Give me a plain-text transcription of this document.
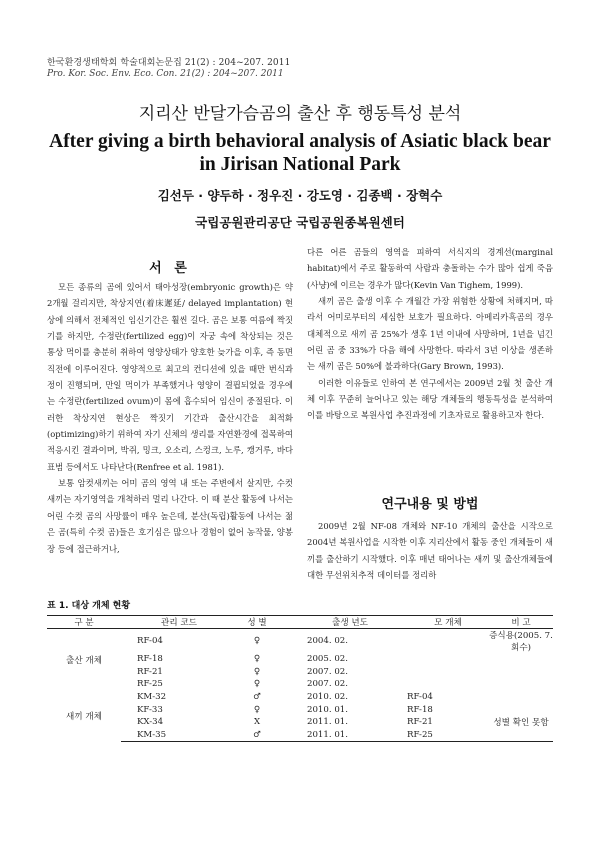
한국환경생태학회 학술대회논문집 21(2) : 204~207. 2011
Pro. Kor. Soc. Env. Eco. Con. 21(2) : 204~207. 2011
지리산 반달가슴곰의 출산 후 행동특성 분석
After giving a birth behavioral analysis of Asiatic black bear in Jirisan National Park
김선두 · 양두하 · 정우진 · 강도영 · 김종백 · 장혁수
국립공원관리공단 국립공원종복원센터
서 론

모든 종류의 곰에 있어서 태아성장(embryonic growth)은 약 2개월 걸리지만, 착상지연(着床遲延/ delayed implantation) 현상에 의해서 전체적인 임신기간은 훨씬 길다. 곰은 보통 여름에 짝짓기를 하지만, 수정란(fertilized egg)이 자궁 속에 착상되는 것은 통상 먹이를 충분히 취하여 영양상태가 양호한 늦가을 이후, 즉 동면 직전에 이루어진다. 영양적으로 최고의 컨디션에 있을 때만 번식과정이 진행되며, 만일 먹이가 부족했거나 영양이 결핍되었을 경우에는 수정란(fertilized ovum)이 몸에 흡수되어 임신이 중절된다. 이러한 착상지연 현상은 짝짓기 기간과 출산시간을 최적화(optimizing)하기 위하여 자기 신체의 생리를 자연환경에 접목하여 적응시킨 결과이며, 박쥐, 밍크, 오소리, 스컹크, 노루, 캥거루, 바다표범 등에서도 나타난다(Renfree et al. 1981).

보통 암컷새끼는 어미 곰의 영역 내 또는 주변에서 살지만, 수컷새끼는 자기영역을 개척하러 멀리 나간다. 이 때 분산 활동에 나서는 어린 수컷 곰의 사망률이 매우 높은데, 분산(독립)활동에 나서는 젊은 곰(특히 수컷 곰)들은 호기심은 많으나 경험이 없어 농작물, 양봉장 등에 접근하거나,

다른 어른 곰들의 영역을 피하여 서식지의 경계선(marginal habitat)에서 주로 활동하여 사람과 충돌하는 수가 많아 쉽게 죽음(사냥)에 이르는 경우가 많다(Kevin Van Tighem, 1999).

새끼 곰은 출생 이후 수 개월간 가장 위험한 상황에 처해지며, 따라서 어미로부터의 세심한 보호가 필요하다. 아메리카흑곰의 경우 대체적으로 새끼 곰 25%가 생후 1년 이내에 사망하며, 1년을 넘긴 어린 곰 중 33%가 다음 해에 사망한다. 따라서 3년 이상을 생존하는 새끼 곰은 50%에 불과하다(Gary Brown, 1993).

이러한 이유들로 인하여 본 연구에서는 2009년 2월 첫 출산 개체 이후 꾸준히 늘어나고 있는 해당 개체들의 행동특성을 분석하여 이를 바탕으로 복원사업 추진과정에 기초자료로 활용하고자 한다.

연구내용 및 방법

2009년 2월 NF-08 개체와 NF-10 개체의 출산을 시작으로 2004년 복원사업을 시작한 이후 지리산에서 활동 중인 개체들이 새끼를 출산하기 시작했다. 이후 매년 태어나는 새끼 및 출산개체들에 대한 무선위치추적 데이터를 정리하

표 1. 대상 개체 현황
구 분	관리 코드	성 별	출생 년도	모 개체	비 고
출산 개체	RF-04	♀	2004. 02.		증식용(2005. 7. 회수)
	RF-18	♀	2005. 02.		
	RF-21	♀	2007. 02.		
	RF-25	♀	2007. 02.		
새끼 개체	KM-32	♂	2010. 02.	RF-04	
	KF-33	♀	2010. 01.	RF-18	
	KX-34	X	2011. 01.	RF-21	성별 확인 못함
	KM-35	♂	2011. 01.	RF-25	
